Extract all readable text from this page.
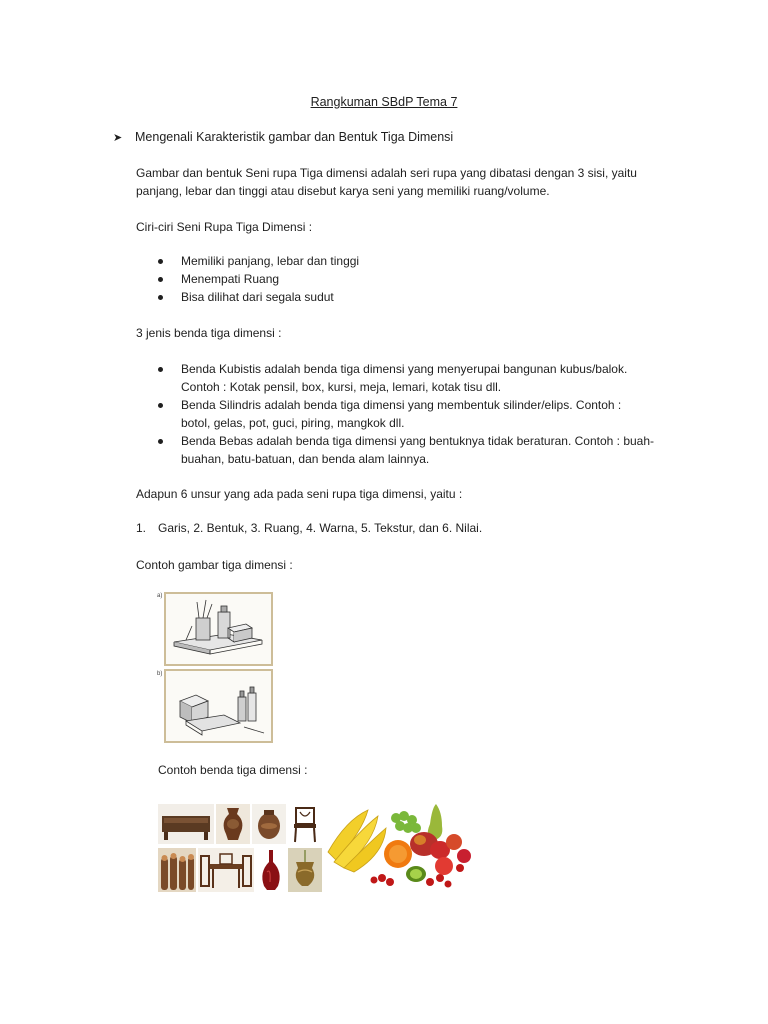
Rangkuman SBdP Tema 7
➤ Mengenali Karakteristik gambar dan Bentuk Tiga Dimensi
Gambar dan bentuk Seni rupa Tiga dimensi adalah seri rupa yang dibatasi dengan 3 sisi, yaitu
panjang, lebar dan tinggi atau disebut karya seni yang memiliki ruang/volume.
Ciri-ciri Seni Rupa Tiga Dimensi :
Memiliki panjang, lebar dan tinggi
Menempati Ruang
Bisa dilihat dari segala sudut
3 jenis benda tiga dimensi :
Benda Kubistis adalah benda tiga dimensi yang menyerupai bangunan kubus/balok.
Contoh : Kotak pensil, box, kursi, meja, lemari, kotak tisu dll.
Benda Silindris adalah benda tiga dimensi yang membentuk silinder/elips. Contoh :
botol, gelas, pot, guci, piring, mangkok dll.
Benda Bebas adalah benda tiga dimensi yang bentuknya tidak beraturan. Contoh : buah-
buahan, batu-batuan, dan benda alam lainnya.
Adapun 6 unsur yang ada pada seni rupa tiga dimensi, yaitu :
1. Garis, 2. Bentuk, 3. Ruang, 4. Warna, 5. Tekstur, dan 6. Nilai.
Contoh gambar tiga dimensi :
a)
b)
Contoh benda tiga dimensi :
